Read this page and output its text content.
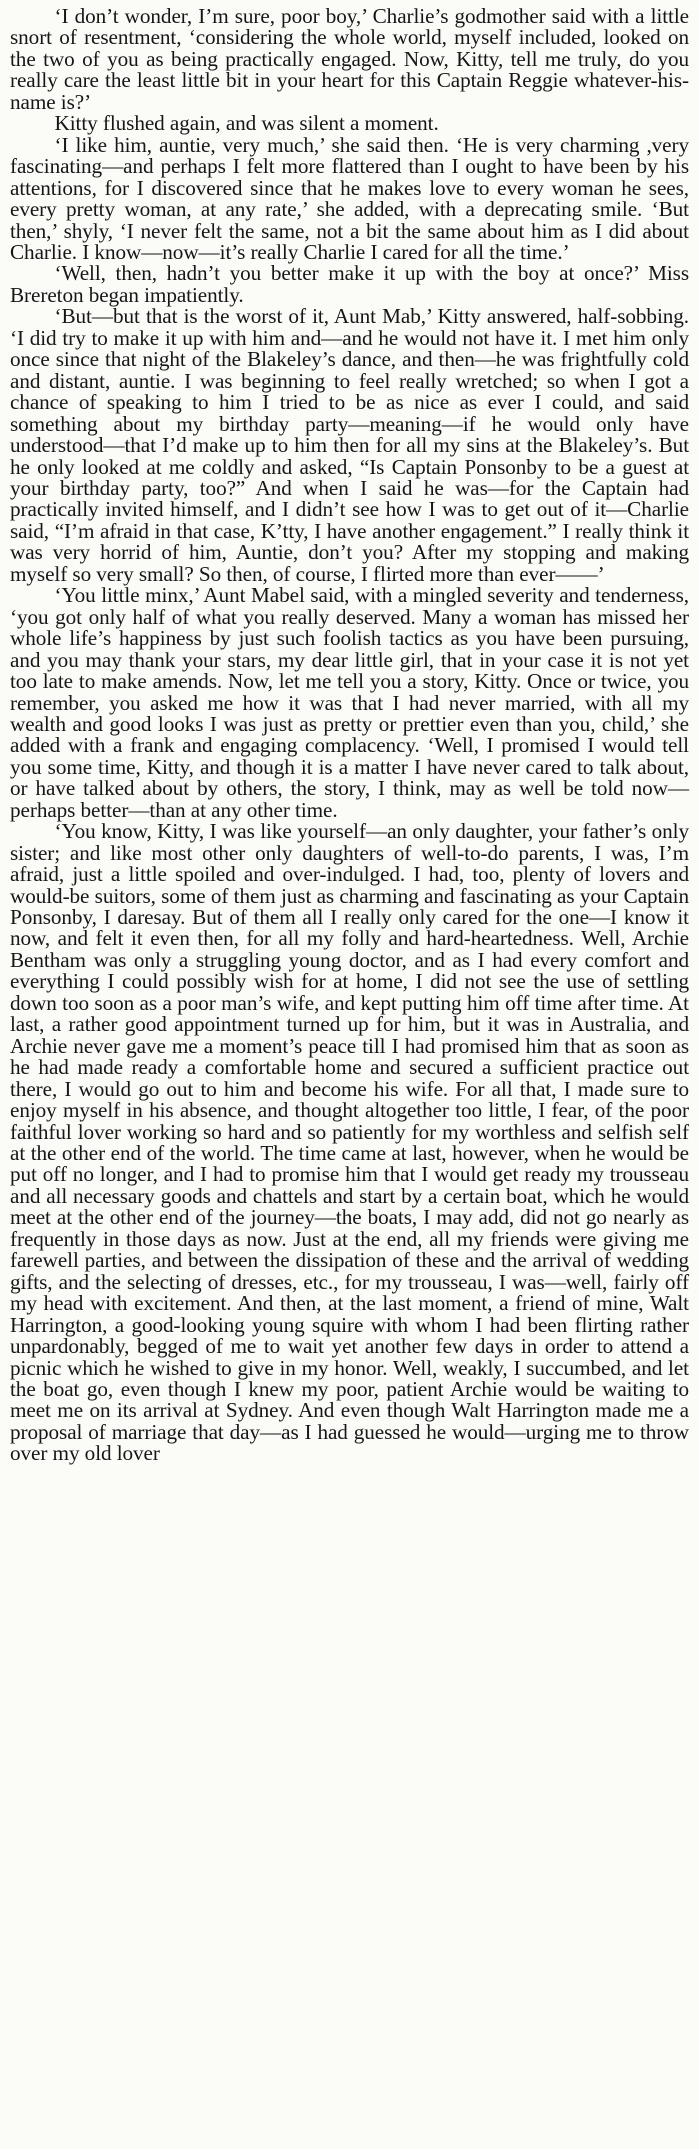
‘I don’t wonder, I’m sure, poor boy,’ Charlie’s godmother said with a little snort of resentment, ‘considering the whole world, myself included, looked on the two of you as being practically engaged. Now, Kitty, tell me truly, do you really care the least little bit in your heart for this Captain Reggie whatever-his-name is?’

Kitty flushed again, and was silent a moment.

‘I like him, auntie, very much,’ she said then. ‘He is very charming ,very fascinating—and perhaps I felt more flattered than I ought to have been by his attentions, for I discovered since that he makes love to every woman he sees, every pretty woman, at any rate,’ she added, with a deprecating smile. ‘But then,’ shyly, ‘I never felt the same, not a bit the same about him as I did about Charlie. I know—now—it’s really Charlie I cared for all the time.’

‘Well, then, hadn’t you better make it up with the boy at once?’ Miss Brereton began impatiently.

‘But—but that is the worst of it, Aunt Mab,’ Kitty answered, half-sobbing. ‘I did try to make it up with him and—and he would not have it. I met him only once since that night of the Blakeley’s dance, and then—he was frightfully cold and distant, auntie. I was beginning to feel really wretched; so when I got a chance of speaking to him I tried to be as nice as ever I could, and said something about my birthday party—meaning—if he would only have understood—that I’d make up to him then for all my sins at the Blakeley’s. But he only looked at me coldly and asked, “Is Captain Ponsonby to be a guest at your birthday party, too?” And when I said he was—for the Captain had practically invited himself, and I didn’t see how I was to get out of it—Charlie said, “I’m afraid in that case, K’tty, I have another engagement.” I really think it was very horrid of him, Auntie, don’t you? After my stopping and making myself so very small? So then, of course, I flirted more than ever——’

‘You little minx,’ Aunt Mabel said, with a mingled severity and tenderness, ‘you got only half of what you really deserved. Many a woman has missed her whole life’s happiness by just such foolish tactics as you have been pursuing, and you may thank your stars, my dear little girl, that in your case it is not yet too late to make amends. Now, let me tell you a story, Kitty. Once or twice, you remember, you asked me how it was that I had never married, with all my wealth and good looks I was just as pretty or prettier even than you, child,’ she added with a frank and engaging complacency. ‘Well, I promised I would tell you some time, Kitty, and though it is a matter I have never cared to talk about, or have talked about by others, the story, I think, may as well be told now—perhaps better—than at any other time.

‘You know, Kitty, I was like yourself—an only daughter, your father’s only sister; and like most other only daughters of well-to-do parents, I was, I’m afraid, just a little spoiled and over-indulged. I had, too, plenty of lovers and would-be suitors, some of them just as charming and fascinating as your Captain Ponsonby, I daresay. But of them all I really only cared for the one—I know it now, and felt it even then, for all my folly and hard-heartedness. Well, Archie Bentham was only a struggling young doctor, and as I had every comfort and everything I could possibly wish for at home, I did not see the use of settling down too soon as a poor man’s wife, and kept putting him off time after time. At last, a rather good appointment turned up for him, but it was in Australia, and Archie never gave me a moment’s peace till I had promised him that as soon as he had made ready a comfortable home and secured a sufficient practice out there, I would go out to him and become his wife. For all that, I made sure to enjoy myself in his absence, and thought altogether too little, I fear, of the poor faithful lover working so hard and so patiently for my worthless and selfish self at the other end of the world. The time came at last, however, when he would be put off no longer, and I had to promise him that I would get ready my trousseau and all necessary goods and chattels and start by a certain boat, which he would meet at the other end of the journey—the boats, I may add, did not go nearly as frequently in those days as now. Just at the end, all my friends were giving me farewell parties, and between the dissipation of these and the arrival of wedding gifts, and the selecting of dresses, etc., for my trousseau, I was—well, fairly off my head with excitement. And then, at the last moment, a friend of mine, Walt Harrington, a good-looking young squire with whom I had been flirting rather unpardonably, begged of me to wait yet another few days in order to attend a picnic which he wished to give in my honor. Well, weakly, I succumbed, and let the boat go, even though I knew my poor, patient Archie would be waiting to meet me on its arrival at Sydney. And even though Walt Harrington made me a proposal of marriage that day—as I had guessed he would—urging me to throw over my old lover
